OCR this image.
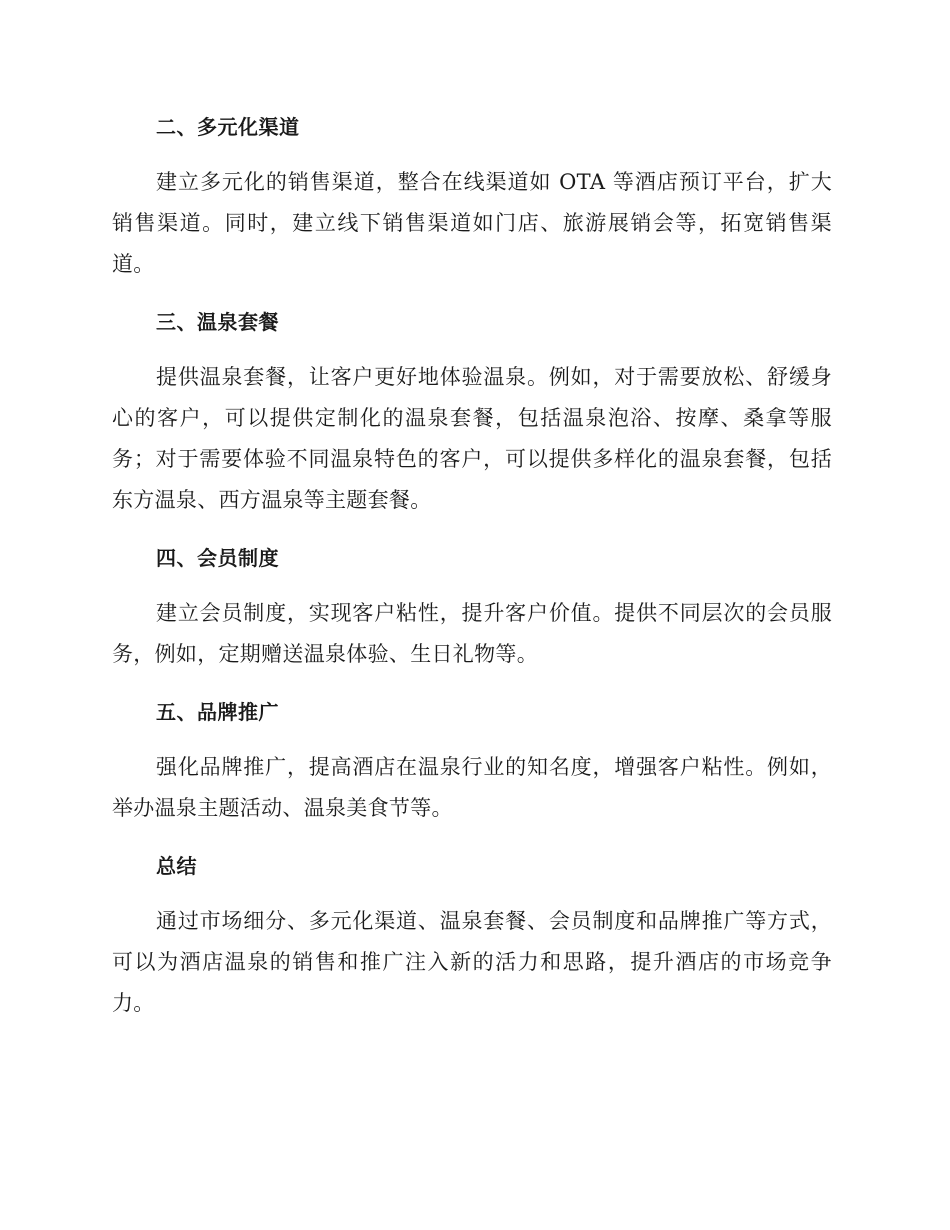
二、多元化渠道

建立多元化的销售渠道，整合在线渠道如 OTA 等酒店预订平台，扩大销售渠道。同时，建立线下销售渠道如门店、旅游展销会等，拓宽销售渠道。

三、温泉套餐

提供温泉套餐，让客户更好地体验温泉。例如，对于需要放松、舒缓身心的客户，可以提供定制化的温泉套餐，包括温泉泡浴、按摩、桑拿等服务；对于需要体验不同温泉特色的客户，可以提供多样化的温泉套餐，包括东方温泉、西方温泉等主题套餐。

四、会员制度

建立会员制度，实现客户粘性，提升客户价值。提供不同层次的会员服务，例如，定期赠送温泉体验、生日礼物等。

五、品牌推广

强化品牌推广，提高酒店在温泉行业的知名度，增强客户粘性。例如，举办温泉主题活动、温泉美食节等。

总结

通过市场细分、多元化渠道、温泉套餐、会员制度和品牌推广等方式，可以为酒店温泉的销售和推广注入新的活力和思路，提升酒店的市场竞争力。
